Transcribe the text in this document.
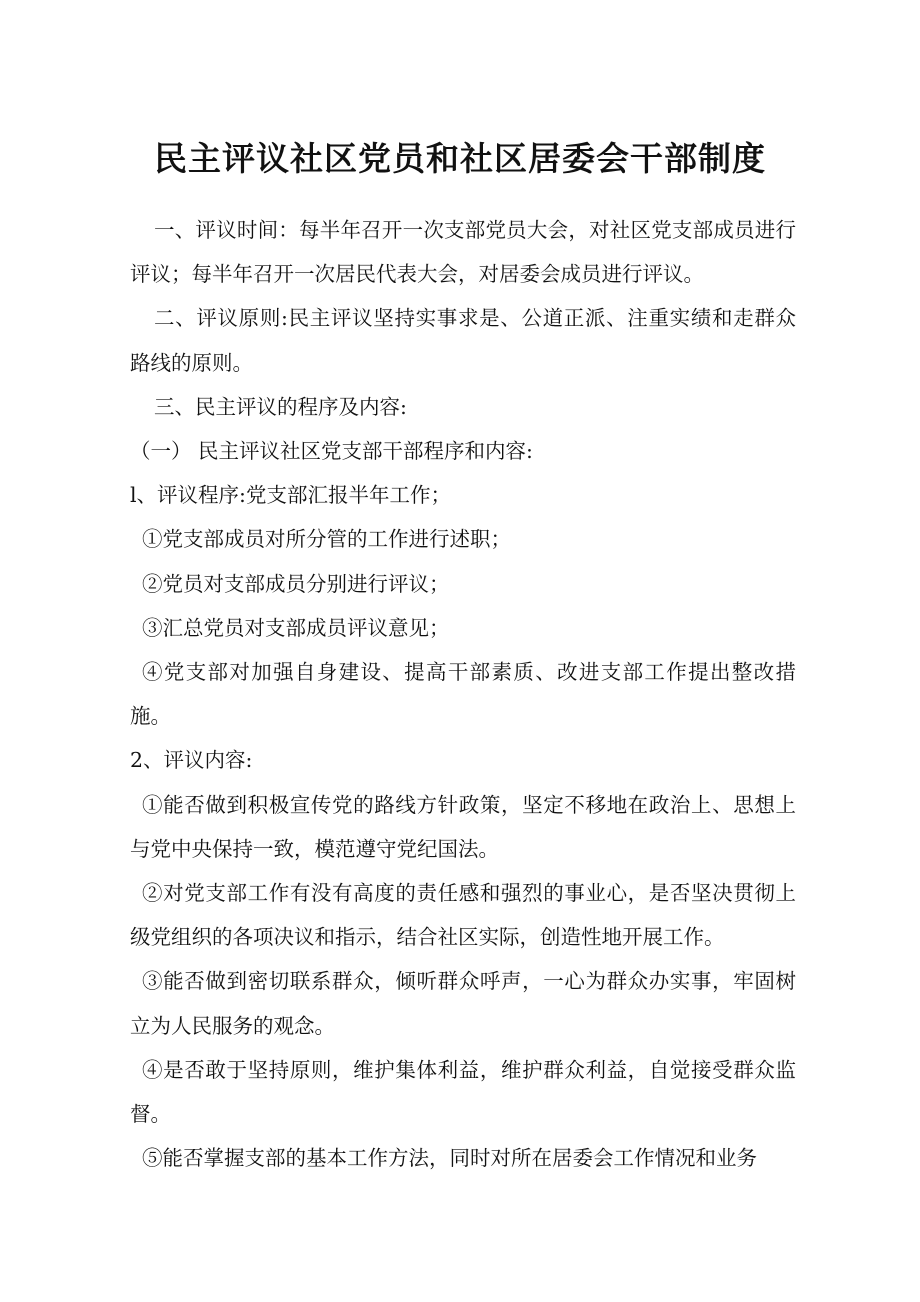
民主评议社区党员和社区居委会干部制度

一、评议时间：每半年召开一次支部党员大会，对社区党支部成员进行评议；每半年召开一次居民代表大会，对居委会成员进行评议。

二、评议原则:民主评议坚持实事求是、公道正派、注重实绩和走群众路线的原则。

三、民主评议的程序及内容:

（一） 民主评议社区党支部干部程序和内容:

l、评议程序:党支部汇报半年工作；

①党支部成员对所分管的工作进行述职；

②党员对支部成员分别进行评议；

③汇总党员对支部成员评议意见；

④党支部对加强自身建设、提高干部素质、改进支部工作提出整改措施。

2、评议内容:

①能否做到积极宣传党的路线方针政策，坚定不移地在政治上、思想上与党中央保持一致，模范遵守党纪国法。

②对党支部工作有没有高度的责任感和强烈的事业心，是否坚决贯彻上级党组织的各项决议和指示，结合社区实际，创造性地开展工作。

③能否做到密切联系群众，倾听群众呼声，一心为群众办实事，牢固树立为人民服务的观念。

④是否敢于坚持原则，维护集体利益，维护群众利益，自觉接受群众监督。

⑤能否掌握支部的基本工作方法，同时对所在居委会工作情况和业务
